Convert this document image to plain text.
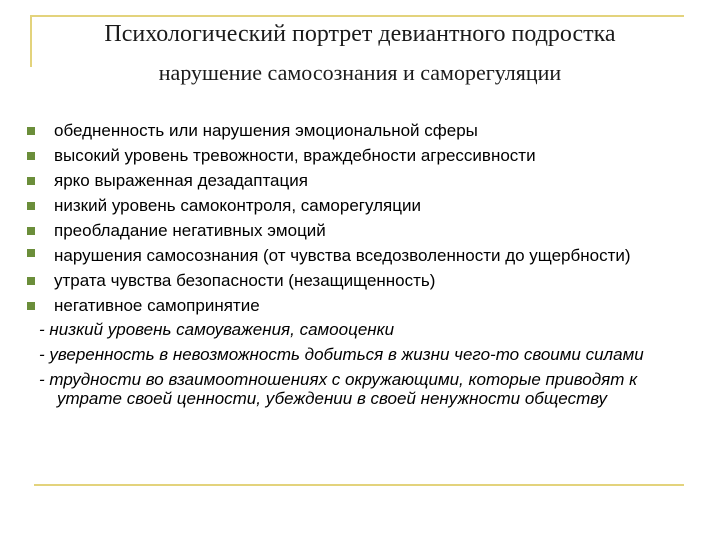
Психологический портрет девиантного подростка
нарушение самосознания и саморегуляции
обедненность или нарушения эмоциональной сферы
высокий уровень тревожности, враждебности агрессивности
ярко выраженная дезадаптация
низкий уровень самоконтроля, саморегуляции
преобладание негативных эмоций
нарушения самосознания (от чувства вседозволенности до ущербности)
утрата чувства безопасности (незащищенность)
негативное самопринятие
- низкий уровень самоуважения, самооценки
- уверенность в невозможность добиться в жизни чего-то своими силами
- трудности во взаимоотношениях с окружающими, которые приводят к утрате своей ценности, убеждении в своей ненужности обществу
